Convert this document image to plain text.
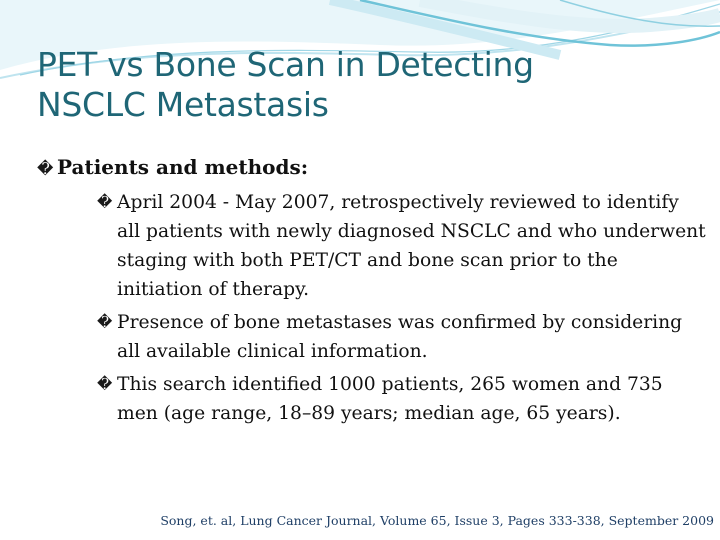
PET vs Bone Scan in Detecting
NSCLC Metastasis
� Patients and methods:
� April 2004 - May 2007, retrospectively reviewed to identify all patients with newly diagnosed NSCLC and who underwent staging with both PET/CT and bone scan prior to the initiation of therapy.
� Presence of bone metastases was confirmed by considering all available clinical information.
� This search identified 1000 patients, 265 women and 735 men (age range, 18–89 years; median age, 65 years).
Song, et. al, Lung Cancer Journal, Volume 65, Issue 3, Pages 333-338, September 2009
